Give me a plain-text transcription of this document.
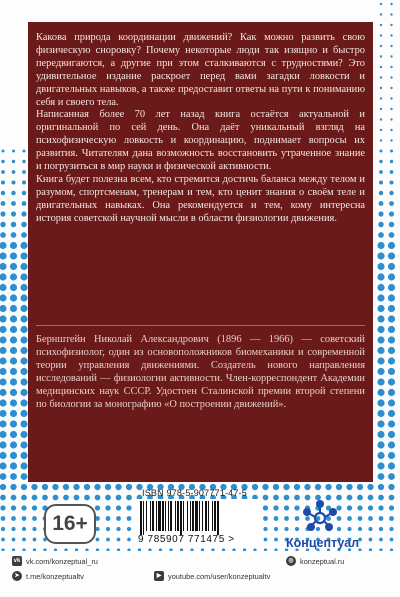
Какова природа координации движений? Как можно развить свою физическую сноровку? Почему некоторые люди так изящно и быстро передвигаются, а другие при этом сталкиваются с трудностями? Это удивительное издание раскроет перед вами загадки ловкости и двигательных навыков, а также предоставит ответы на пути к пониманию себя и своего тела.

Написанная более 70 лет назад книга остаётся актуальной и оригинальной по сей день. Она даёт уникальный взгляд на психофизическую ловкость и координацию, поднимает вопросы их развития. Читателям дана возможность восстановить утраченное знание и погрузиться в мир науки и физической активности.

Книга будет полезна всем, кто стремится достичь баланса между телом и разумом, спортсменам, тренерам и тем, кто ценит знания о своём теле и двигательных навыках. Она рекомендуется и тем, кому интересна история советской научной мысли в области физиологии движения.

Бернштейн Николай Александрович (1896 — 1966) — советский психофизиолог, один из основоположников биомеханики и современной теории управления движениями. Создатель нового направления исследований — физиологии активности. Член-корреспондент Академии медицинских наук СССР. Удостоен Сталинской премии второй степени по биологии за монографию «О построении движений».

16+
ISBN 978-5-907771-47-5
9 785907 771475 >	Концептуал
vk vk.com/konzeptual_ru
➤ t.me/konzeptualtv
◎ konzeptual.ru
▶ youtube.com/user/konzeptualtv
